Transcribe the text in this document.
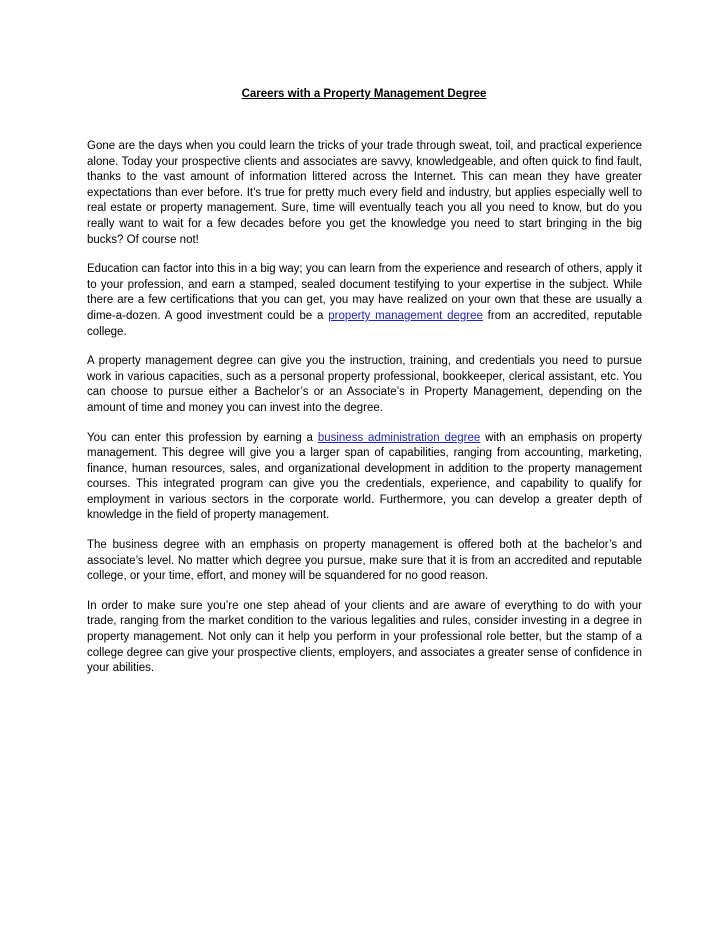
Careers with a Property Management Degree

Gone are the days when you could learn the tricks of your trade through sweat, toil, and practical experience alone. Today your prospective clients and associates are savvy, knowledgeable, and often quick to find fault, thanks to the vast amount of information littered across the Internet. This can mean they have greater expectations than ever before. It’s true for pretty much every field and industry, but applies especially well to real estate or property management. Sure, time will eventually teach you all you need to know, but do you really want to wait for a few decades before you get the knowledge you need to start bringing in the big bucks? Of course not!

Education can factor into this in a big way; you can learn from the experience and research of others, apply it to your profession, and earn a stamped, sealed document testifying to your expertise in the subject. While there are a few certifications that you can get, you may have realized on your own that these are usually a dime-a-dozen. A good investment could be a property management degree from an accredited, reputable college.

A property management degree can give you the instruction, training, and credentials you need to pursue work in various capacities, such as a personal property professional, bookkeeper, clerical assistant, etc. You can choose to pursue either a Bachelor’s or an Associate’s in Property Management, depending on the amount of time and money you can invest into the degree.

You can enter this profession by earning a business administration degree with an emphasis on property management. This degree will give you a larger span of capabilities, ranging from accounting, marketing, finance, human resources, sales, and organizational development in addition to the property management courses. This integrated program can give you the credentials, experience, and capability to qualify for employment in various sectors in the corporate world. Furthermore, you can develop a greater depth of knowledge in the field of property management.

The business degree with an emphasis on property management is offered both at the bachelor’s and associate’s level. No matter which degree you pursue, make sure that it is from an accredited and reputable college, or your time, effort, and money will be squandered for no good reason.

In order to make sure you’re one step ahead of your clients and are aware of everything to do with your trade, ranging from the market condition to the various legalities and rules, consider investing in a degree in property management. Not only can it help you perform in your professional role better, but the stamp of a college degree can give your prospective clients, employers, and associates a greater sense of confidence in your abilities.
